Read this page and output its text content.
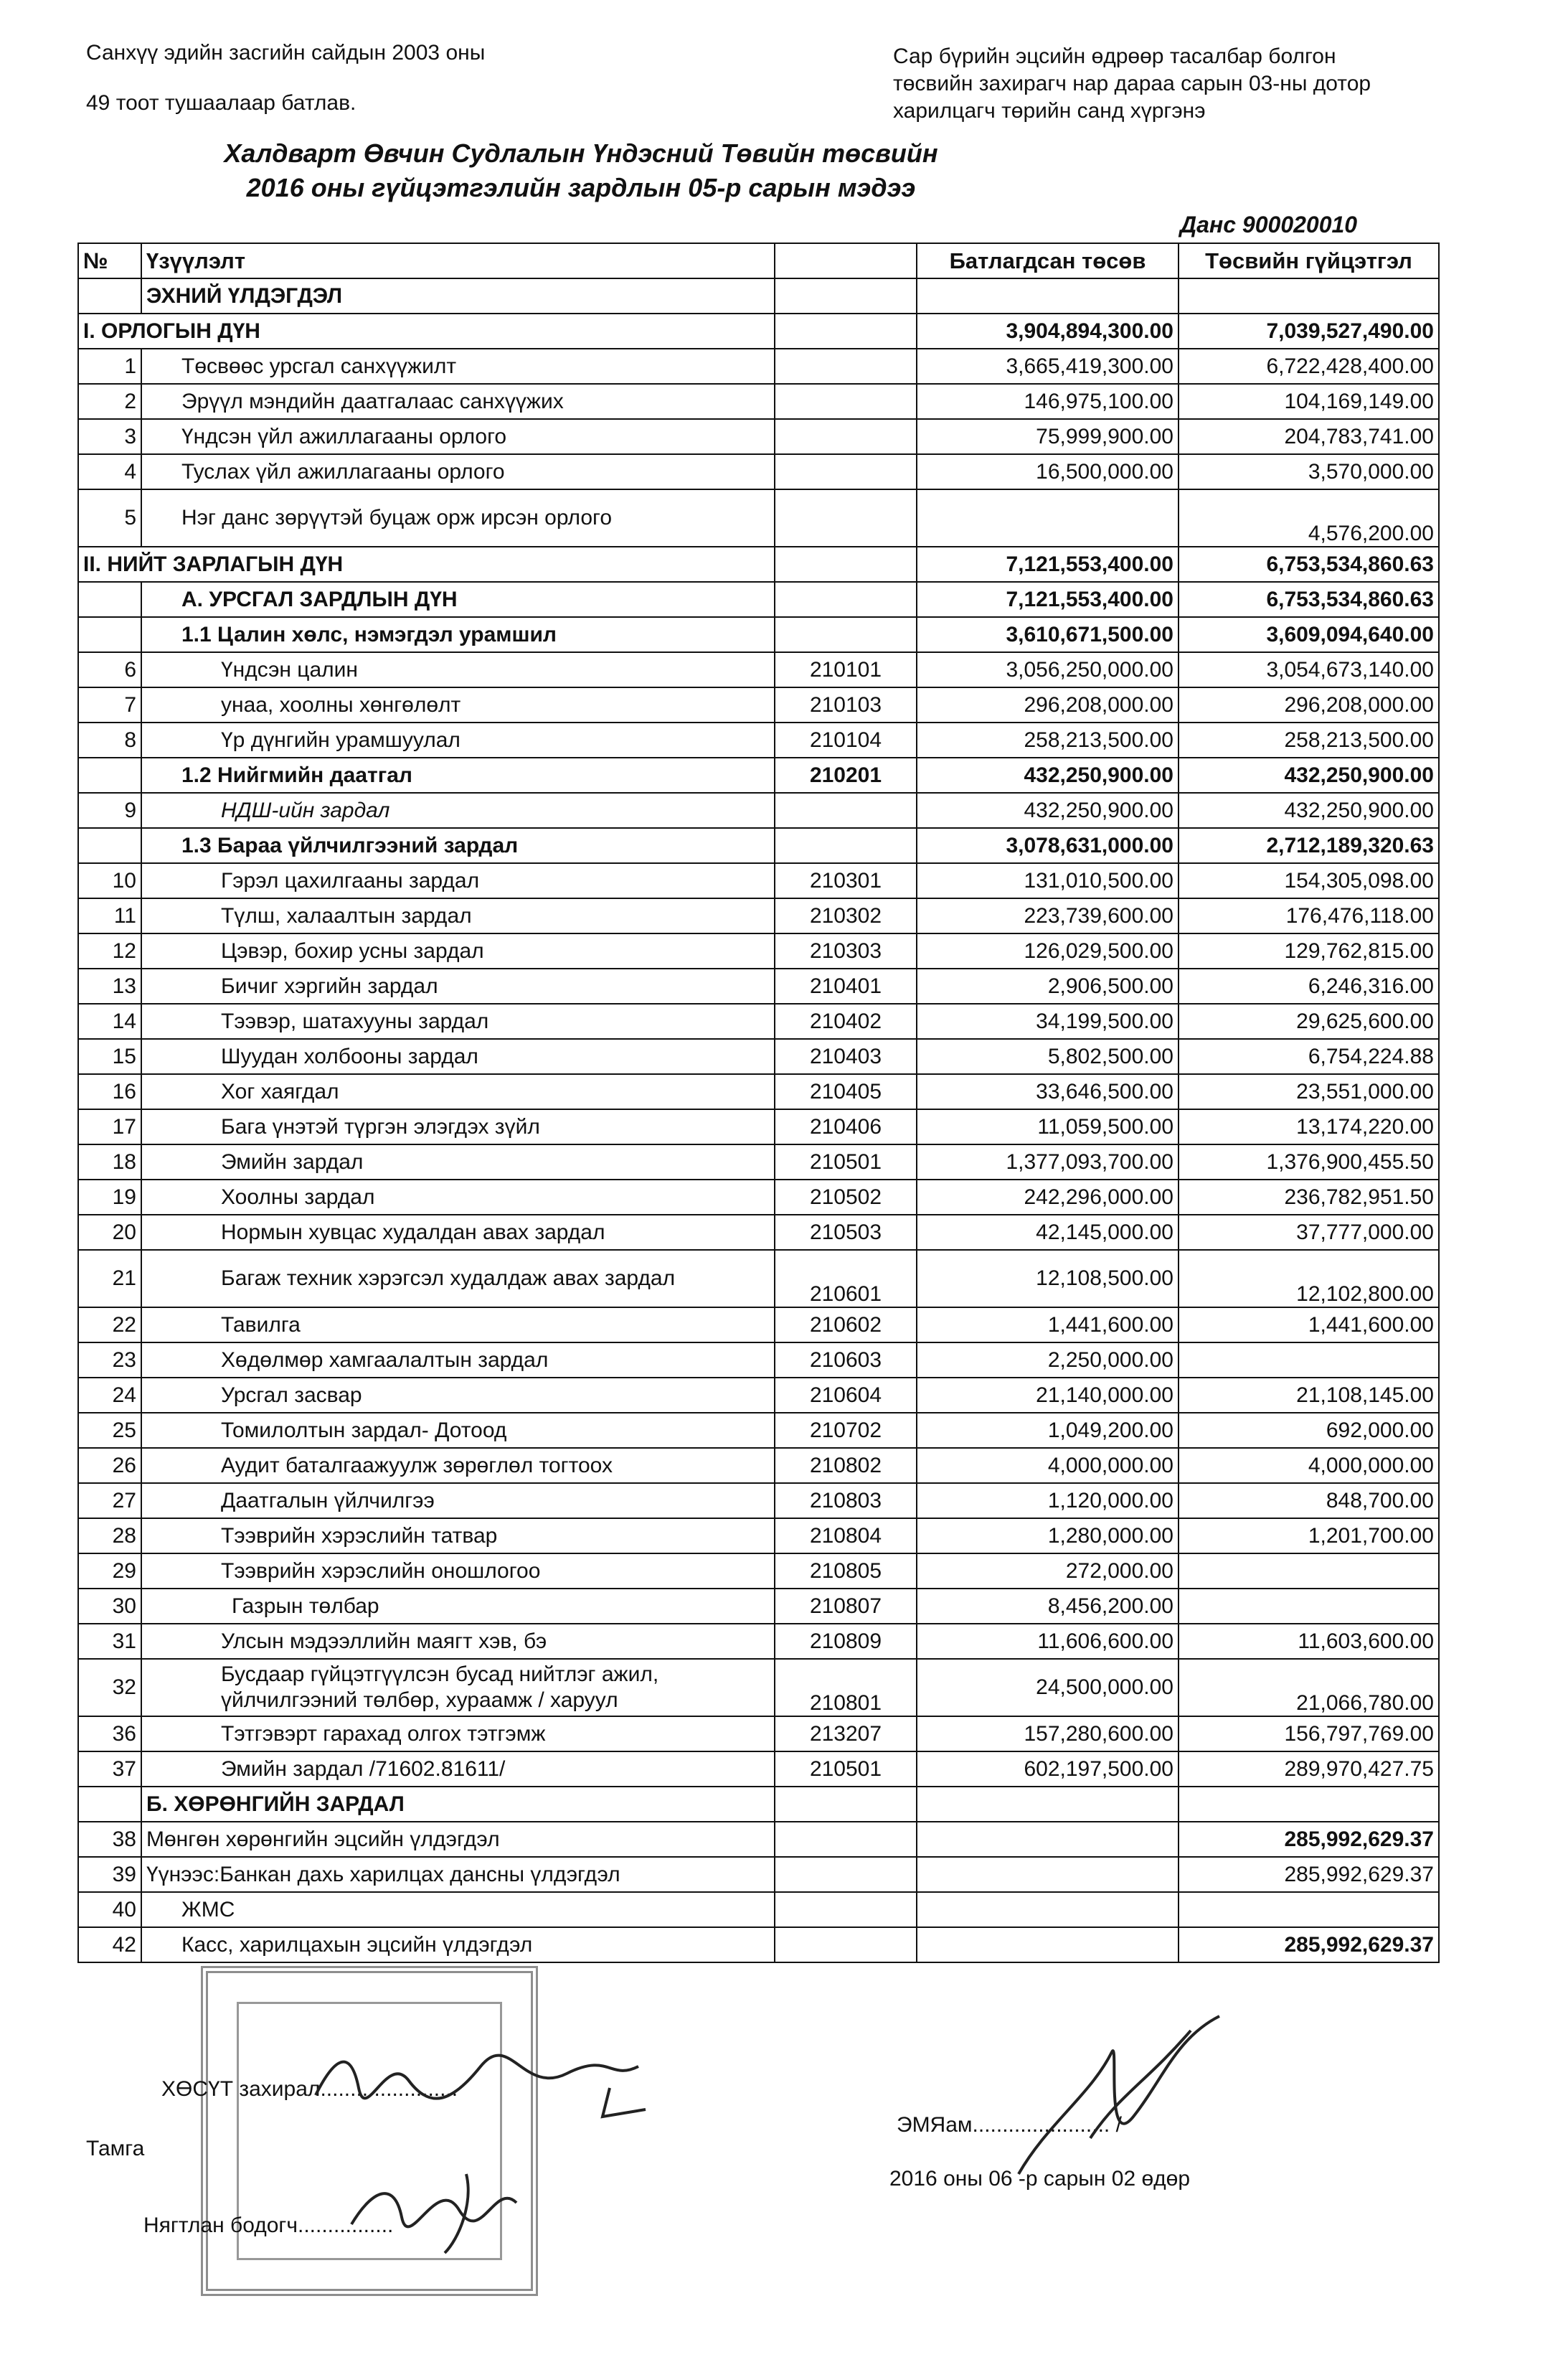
Санхүү эдийн засгийн сайдын 2003 оны
49 тоот тушаалаар батлав.
Сар бүрийн эцсийн өдрөөр тасалбар болгон
төсвийн захирагч нар дараа сарын 03-ны дотор
харилцагч төрийн санд хүргэнэ
Халдварт Өвчин Судлалын Үндэсний Төвийн төсвийн
2016 оны гүйцэтгэлийн зардлын 05-р сарын мэдээ
Данс 900020010
№	Үзүүлэлт		Батлагдсан төсөв	Төсвийн гүйцэтгэл
	ЭХНИЙ ҮЛДЭГДЭЛ			
I. ОРЛОГЫН ДҮН			3,904,894,300.00	7,039,527,490.00
1	Төсвөөс урсгал санхүүжилт		3,665,419,300.00	6,722,428,400.00
2	Эрүүл мэндийн даатгалаас санхүүжих		146,975,100.00	104,169,149.00
3	Үндсэн үйл ажиллагааны орлого		75,999,900.00	204,783,741.00
4	Туслах үйл ажиллагааны орлого		16,500,000.00	3,570,000.00
5	Нэг данс зөрүүтэй буцаж орж ирсэн орлого			4,576,200.00
II. НИЙТ ЗАРЛАГЫН ДҮН			7,121,553,400.00	6,753,534,860.63
	А. УРСГАЛ ЗАРДЛЫН ДҮН		7,121,553,400.00	6,753,534,860.63
	1.1 Цалин хөлс, нэмэгдэл урамшил		3,610,671,500.00	3,609,094,640.00
6	Үндсэн цалин	210101	3,056,250,000.00	3,054,673,140.00
7	унаа, хоолны хөнгөлөлт	210103	296,208,000.00	296,208,000.00
8	Үр дүнгийн урамшуулал	210104	258,213,500.00	258,213,500.00
	1.2 Нийгмийн даатгал	210201	432,250,900.00	432,250,900.00
9	НДШ-ийн зардал		432,250,900.00	432,250,900.00
	1.3 Бараа үйлчилгээний зардал		3,078,631,000.00	2,712,189,320.63
10	Гэрэл цахилгааны зардал	210301	131,010,500.00	154,305,098.00
11	Түлш, халаалтын зардал	210302	223,739,600.00	176,476,118.00
12	Цэвэр, бохир усны зардал	210303	126,029,500.00	129,762,815.00
13	Бичиг хэргийн зардал	210401	2,906,500.00	6,246,316.00
14	Тээвэр, шатахууны зардал	210402	34,199,500.00	29,625,600.00
15	Шуудан холбооны зардал	210403	5,802,500.00	6,754,224.88
16	Хог хаягдал	210405	33,646,500.00	23,551,000.00
17	Бага үнэтэй түргэн элэгдэх зүйл	210406	11,059,500.00	13,174,220.00
18	Эмийн зардал	210501	1,377,093,700.00	1,376,900,455.50
19	Хоолны зардал	210502	242,296,000.00	236,782,951.50
20	Нормын хувцас худалдан авах зардал	210503	42,145,000.00	37,777,000.00
21	Багаж техник хэрэгсэл худалдаж авах зардал	210601	12,108,500.00	12,102,800.00
22	Тавилга	210602	1,441,600.00	1,441,600.00
23	Хөдөлмөр хамгаалалтын зардал	210603	2,250,000.00	
24	Урсгал засвар	210604	21,140,000.00	21,108,145.00
25	Томилолтын зардал- Дотоод	210702	1,049,200.00	692,000.00
26	Аудит баталгаажуулж зөрөглөл тогтоох	210802	4,000,000.00	4,000,000.00
27	Даатгалын үйлчилгээ	210803	1,120,000.00	848,700.00
28	Тээврийн хэрэслийн татвар	210804	1,280,000.00	1,201,700.00
29	Тээврийн хэрэслийн оношлогоо	210805	272,000.00	
30	Газрын төлбар	210807	8,456,200.00	
31	Улсын мэдээллийн маягт хэв, бэ	210809	11,606,600.00	11,603,600.00
32	Бусдаар гүйцэтгүүлсэн бусад нийтлэг ажил, үйлчилгээний төлбөр, хураамж / харуул	210801	24,500,000.00	21,066,780.00
36	Тэтгэвэрт гарахад олгох тэтгэмж	213207	157,280,600.00	156,797,769.00
37	Эмийн зардал /71602.81611/	210501	602,197,500.00	289,970,427.75
	Б. ХӨРӨНГИЙН ЗАРДАЛ			
38	Мөнгөн хөрөнгийн эцсийн үлдэгдэл			285,992,629.37
39	Үүнээс:Банкан дахь харилцах дансны үлдэгдэл			285,992,629.37
40	ЖМС			
42	Касс, харилцахын эцсийн үлдэгдэл			285,992,629.37
ХӨСҮТ захирал.......................
Тамга
Нягтлан бодогч................
ЭМЯам....................... /
2016 оны 06 -р сарын 02 өдөр
